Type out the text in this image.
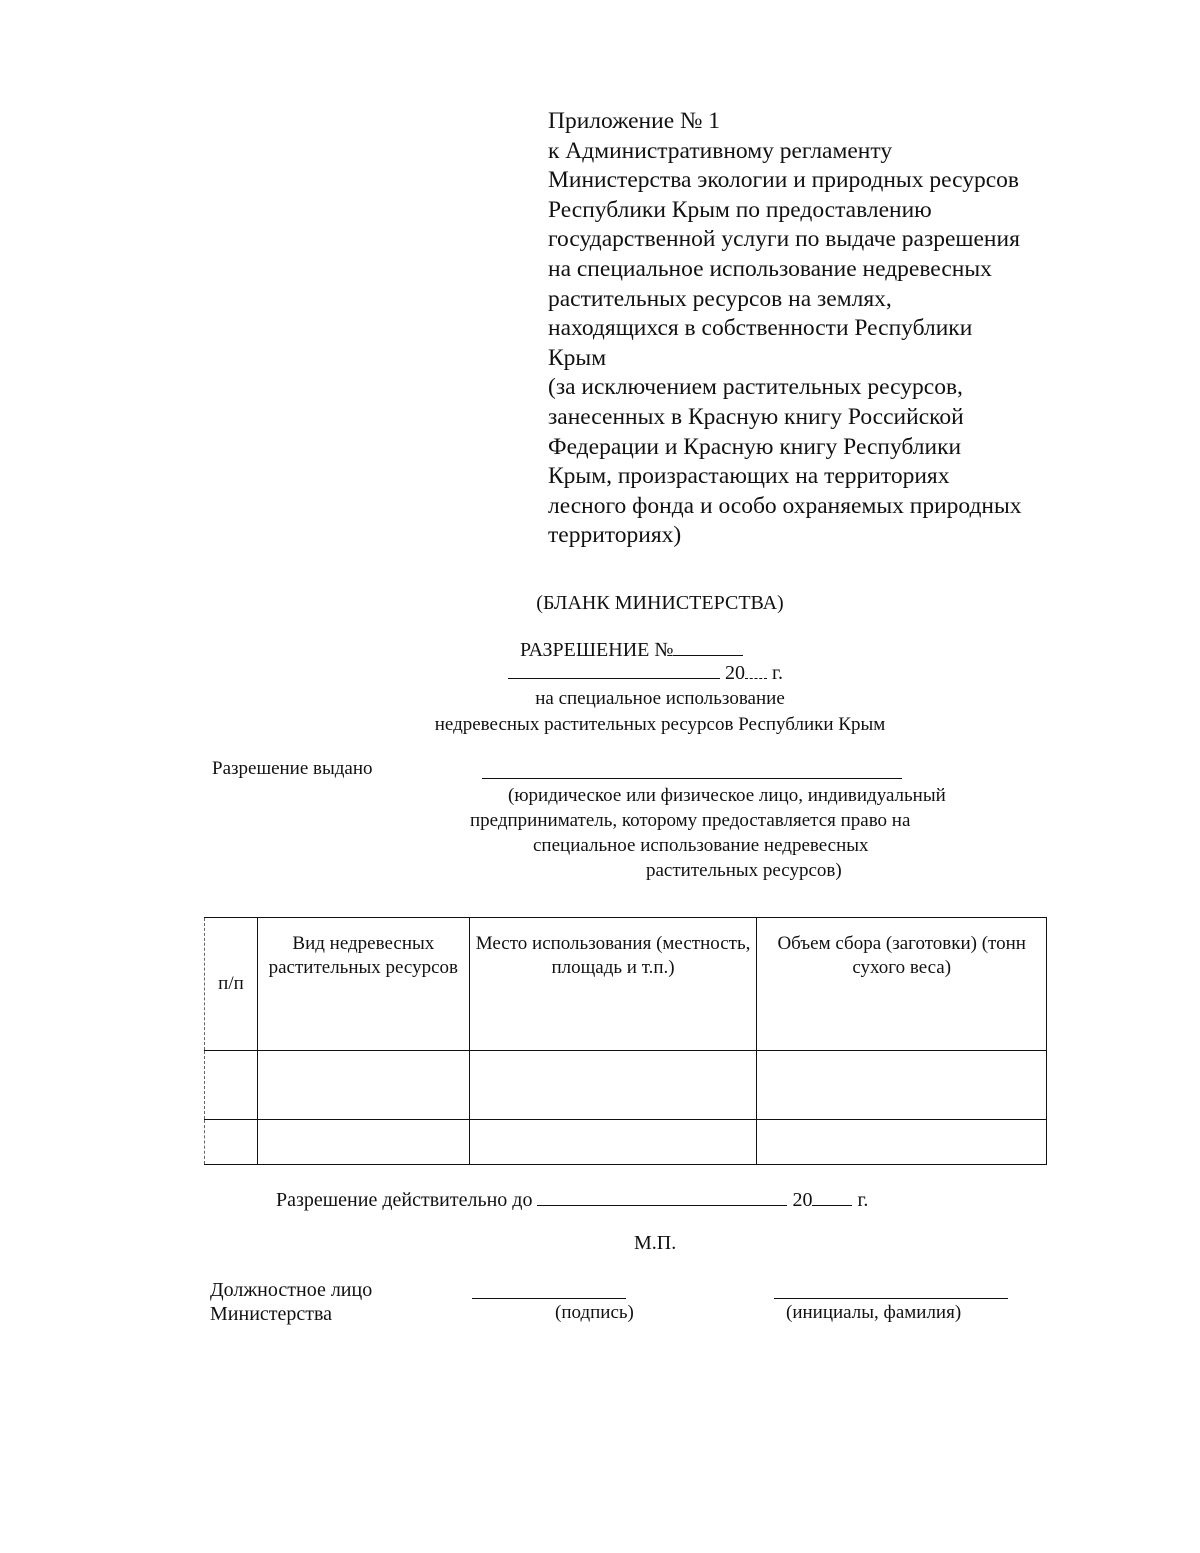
Приложение № 1
к Административному регламенту
Министерства экологии и природных ресурсов
Республики Крым по предоставлению
государственной услуги по выдаче разрешения
на специальное использование недревесных
растительных ресурсов на землях,
находящихся в собственности Республики
Крым
(за исключением растительных ресурсов,
занесенных в Красную книгу Российской
Федерации и Красную книгу Республики
Крым, произрастающих на территориях
лесного фонда и особо охраняемых природных
территориях)
(БЛАНК МИНИСТЕРСТВА)
РАЗРЕШЕНИЕ №
20 г.
на специальное использование
недревесных растительных ресурсов Республики Крым
Разрешение выдано
(юридическое или физическое лицо, индивидуальный
предприниматель, которому предоставляется право на
специальное использование недревесных
растительных ресурсов)
п/п	Вид недревесных растительных ресурсов	Место использования (местность, площадь и т.п.)	Объем сбора (заготовки) (тонн сухого веса)

Разрешение действительно до	20 г.
М.П.
Должностное лицо
Министерства	(подпись)	(инициалы, фамилия)
